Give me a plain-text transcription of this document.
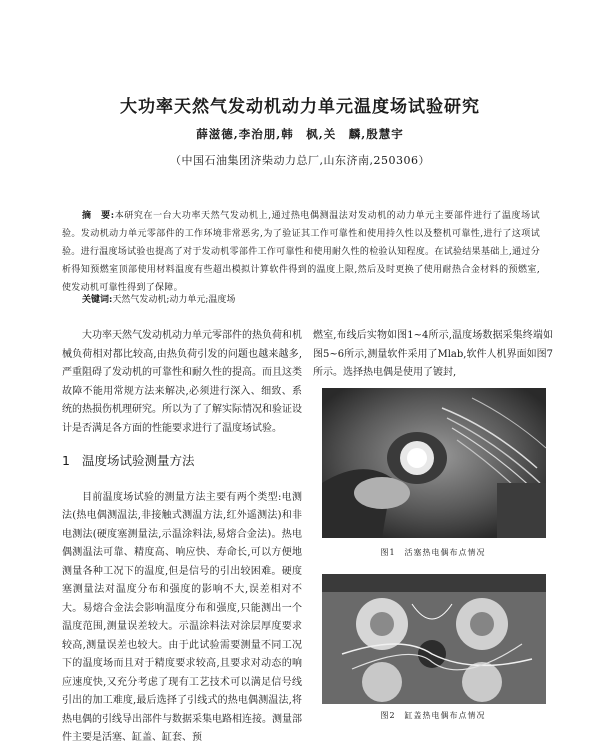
大功率天然气发动机动力单元温度场试验研究
薛滋德,李治朋,韩　枫,关　麟,殷慧宇
（中国石油集团济柴动力总厂,山东济南,250306）
摘　要:本研究在一台大功率天然气发动机上,通过热电偶测温法对发动机的动力单元主要部件进行了温度场试验。发动机动力单元零部件的工作环境非常恶劣,为了验证其工作可靠性和使用持久性以及整机可靠性,进行了这项试验。进行温度场试验也提高了对于发动机零部件工作可靠性和使用耐久性的检验认知程度。在试验结果基础上,通过分析得知预燃室顶部使用材料温度有些超出模拟计算软件得到的温度上限,然后及时更换了使用耐热合金材料的预燃室,使发动机可靠性得到了保障。
关键词:天然气发动机;动力单元;温度场

大功率天然气发动机动力单元零部件的热负荷和机械负荷相对都比较高,由热负荷引发的问题也越来越多,严重阻碍了发动机的可靠性和耐久性的提高。而且这类故障不能用常规方法来解决,必须进行深入、细致、系统的热损伤机理研究。所以为了了解实际情况和验证设计是否满足各方面的性能要求进行了温度场试验。

1 温度场试验测量方法

目前温度场试验的测量方法主要有两个类型:电测法(热电偶测温法,非接触式测温方法,红外遥测法)和非电测法(硬度塞测量法,示温涂料法,易熔合金法)。热电偶测温法可靠、精度高、响应快、寿命长,可以方便地测量各种工况下的温度,但是信号的引出较困难。硬度塞测量法对温度分布和强度的影响不大,误差相对不大。易熔合金法会影响温度分布和强度,只能测出一个温度范围,测量误差较大。示温涂料法对涂层厚度要求较高,测量误差也较大。由于此试验需要测量不同工况下的温度场而且对于精度要求较高,且要求对动态的响应速度快,又充分考虑了现有工艺技术可以满足信号线引出的加工难度,最后选择了引线式的热电偶测温法,将热电偶的引线导出部件与数据采集电路相连接。测量部件主要是活塞、缸盖、缸套、预

燃室,布线后实物如图1~4所示,温度场数据采集终端如图5~6所示,测量软件采用了Mlab,软件人机界面如图7所示。选择热电偶是使用了镀封,

图1　活塞热电偶布点情况
图2　缸盖热电偶布点情况
